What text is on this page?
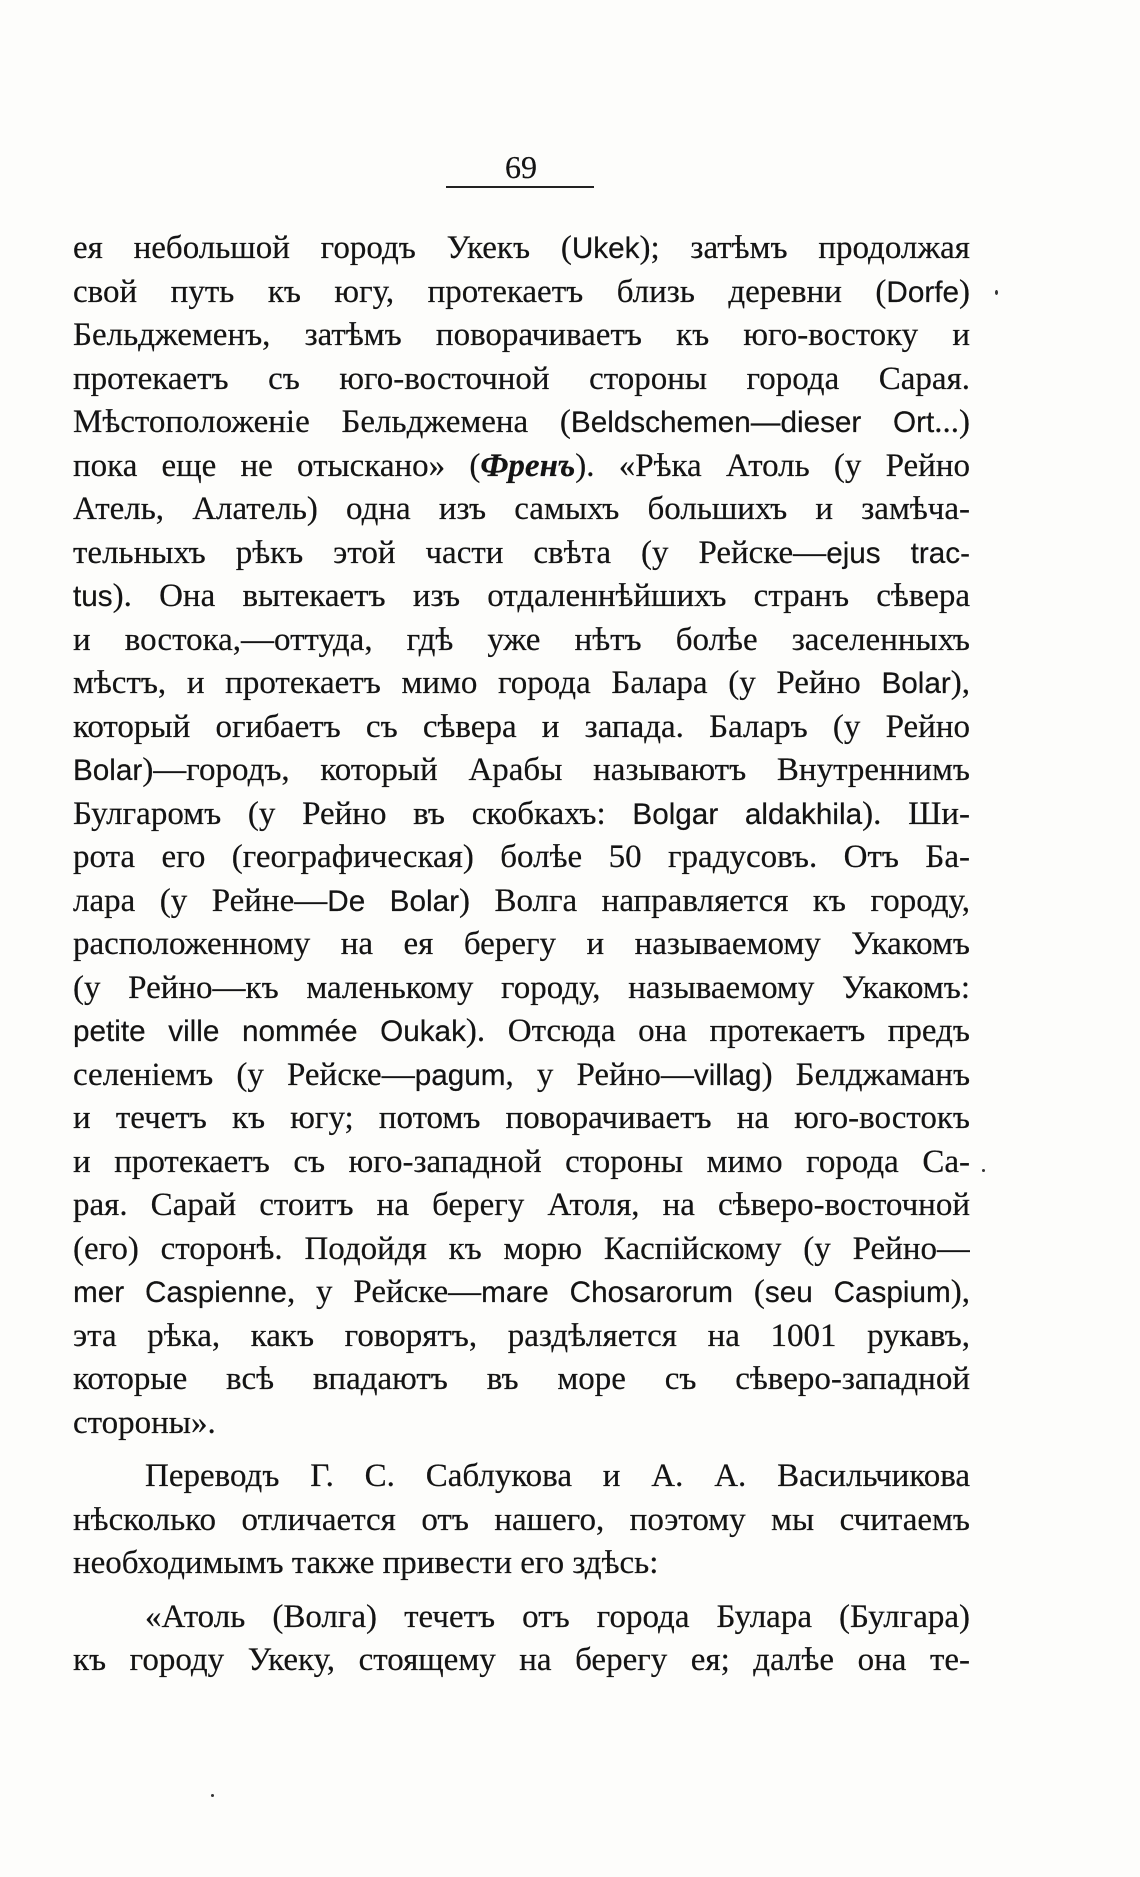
69
ея небольшой городъ Укекъ (Ukek); затѣмъ продолжая
свой путь къ югу, протекаетъ близь деревни (Dorfe)
Бельджеменъ, затѣмъ поворачиваетъ къ юго-востоку и
протекаетъ съ юго-восточной стороны города Сарая.
Мѣстоположеніе Бельджемена (Beldschemen—dieser Ort...)
пока еще не отыскано» (Френъ). «Рѣка Атоль (у Рейно
Атель, Алатель) одна изъ самыхъ большихъ и замѣча-
тельныхъ рѣкъ этой части свѣта (у Рейске—ejus trac-
tus). Она вытекаетъ изъ отдаленнѣйшихъ странъ сѣвера
и востока,—оттуда, гдѣ уже нѣтъ болѣе заселенныхъ
мѣстъ, и протекаетъ мимо города Балара (у Рейно Bolar),
который огибаетъ съ сѣвера и запада. Баларъ (у Рейно
Bolar)—городъ, который Арабы называютъ Внутреннимъ
Булгаромъ (у Рейно въ скобкахъ: Bolgar aldakhila). Ши-
рота его (географическая) болѣе 50 градусовъ. Отъ Ба-
лара (у Рейне—De Bolar) Волга направляется къ городу,
расположенному на ея берегу и называемому Укакомъ
(у Рейно—къ маленькому городу, называемому Укакомъ:
petite ville nommée Oukak). Отсюда она протекаетъ предъ
селеніемъ (у Рейске—pagum, у Рейно—villag) Белджаманъ
и течетъ къ югу; потомъ поворачиваетъ на юго-востокъ
и протекаетъ съ юго-западной стороны мимо города Са-
рая. Сарай стоитъ на берегу Атоля, на сѣверо-восточной
(его) сторонѣ. Подойдя къ морю Каспійскому (у Рейно—
mer Caspienne, у Рейске—mare Chosarorum (seu Caspium),
эта рѣка, какъ говорятъ, раздѣляется на 1001 рукавъ,
которые всѣ впадаютъ въ море съ сѣверо-западной
стороны».
Переводъ Г. С. Саблукова и А. А. Васильчикова
нѣсколько отличается отъ нашего, поэтому мы считаемъ
необходимымъ также привести его здѣсь:
«Атоль (Волга) течетъ отъ города Булара (Булгара)
къ городу Укеку, стоящему на берегу ея; далѣе она те-
